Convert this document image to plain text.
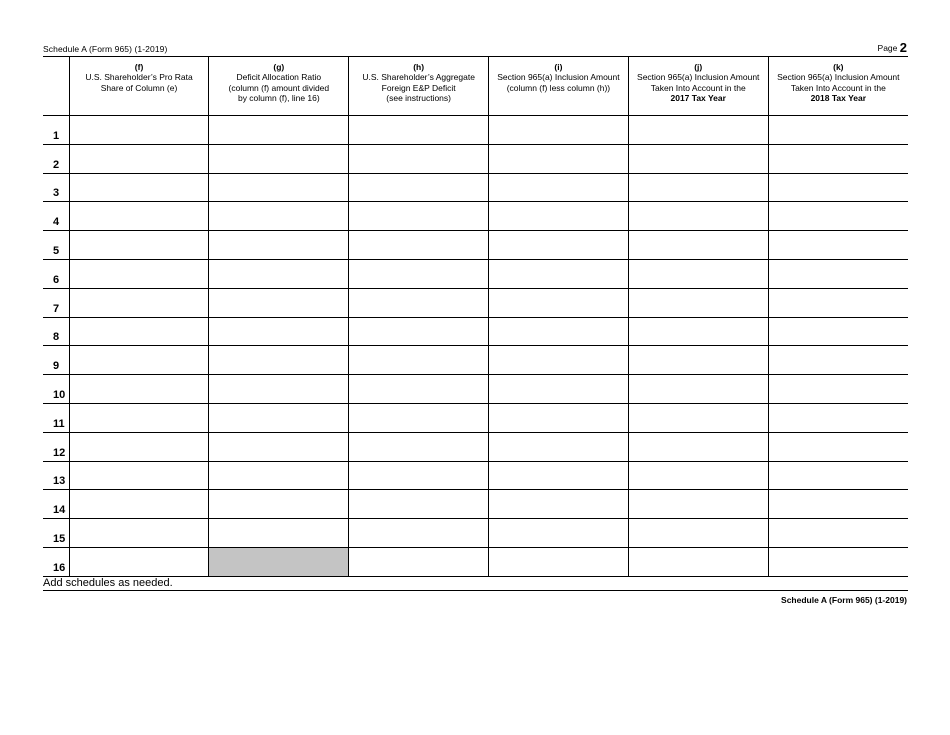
Schedule A (Form 965) (1-2019)	Page 2

	(f)
U.S. Shareholder’s Pro Rata
Share of Column (e)	(g)
Deficit Allocation Ratio
(column (f) amount divided
by column (f), line 16)	(h)
U.S. Shareholder’s Aggregate
Foreign E&P Deficit
(see instructions)	(i)
Section 965(a) Inclusion Amount
(column (f) less column (h))	(j)
Section 965(a) Inclusion Amount
Taken Into Account in the
2017 Tax Year	(k)
Section 965(a) Inclusion Amount
Taken Into Account in the
2018 Tax Year

1						
2						
3						
4						
5						
6						
7						
8						
9						
10						
11						
12						
13						
14						
15						
16						
Add schedules as needed.
Schedule A (Form 965) (1-2019)
